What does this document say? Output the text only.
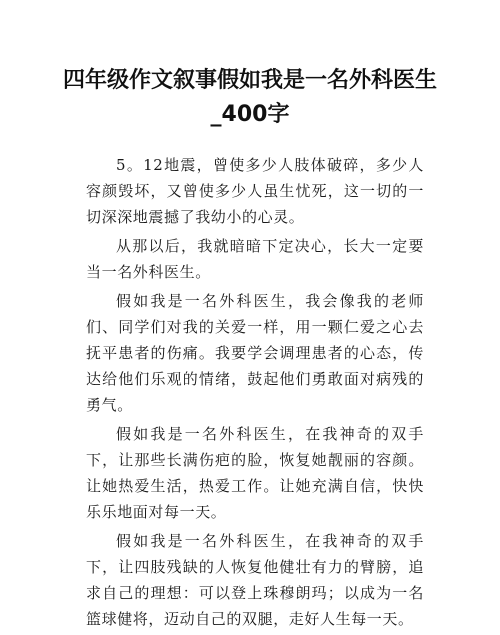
四年级作文叙事假如我是一名外科医生_400字

5。12地震，曾使多少人肢体破碎，多少人容颜毁坏，又曾使多少人虽生忧死，这一切的一切深深地震撼了我幼小的心灵。

从那以后，我就暗暗下定决心，长大一定要当一名外科医生。

假如我是一名外科医生，我会像我的老师们、同学们对我的关爱一样，用一颗仁爱之心去抚平患者的伤痛。我要学会调理患者的心态，传达给他们乐观的情绪，鼓起他们勇敢面对病残的勇气。

假如我是一名外科医生，在我神奇的双手下，让那些长满伤疤的脸，恢复她靓丽的容颜。让她热爱生活，热爱工作。让她充满自信，快快乐乐地面对每一天。

假如我是一名外科医生，在我神奇的双手下，让四肢残缺的人恢复他健壮有力的臂膀，追求自己的理想：可以登上珠穆朗玛；以成为一名篮球健将，迈动自己的双腿，走好人生每一天。
